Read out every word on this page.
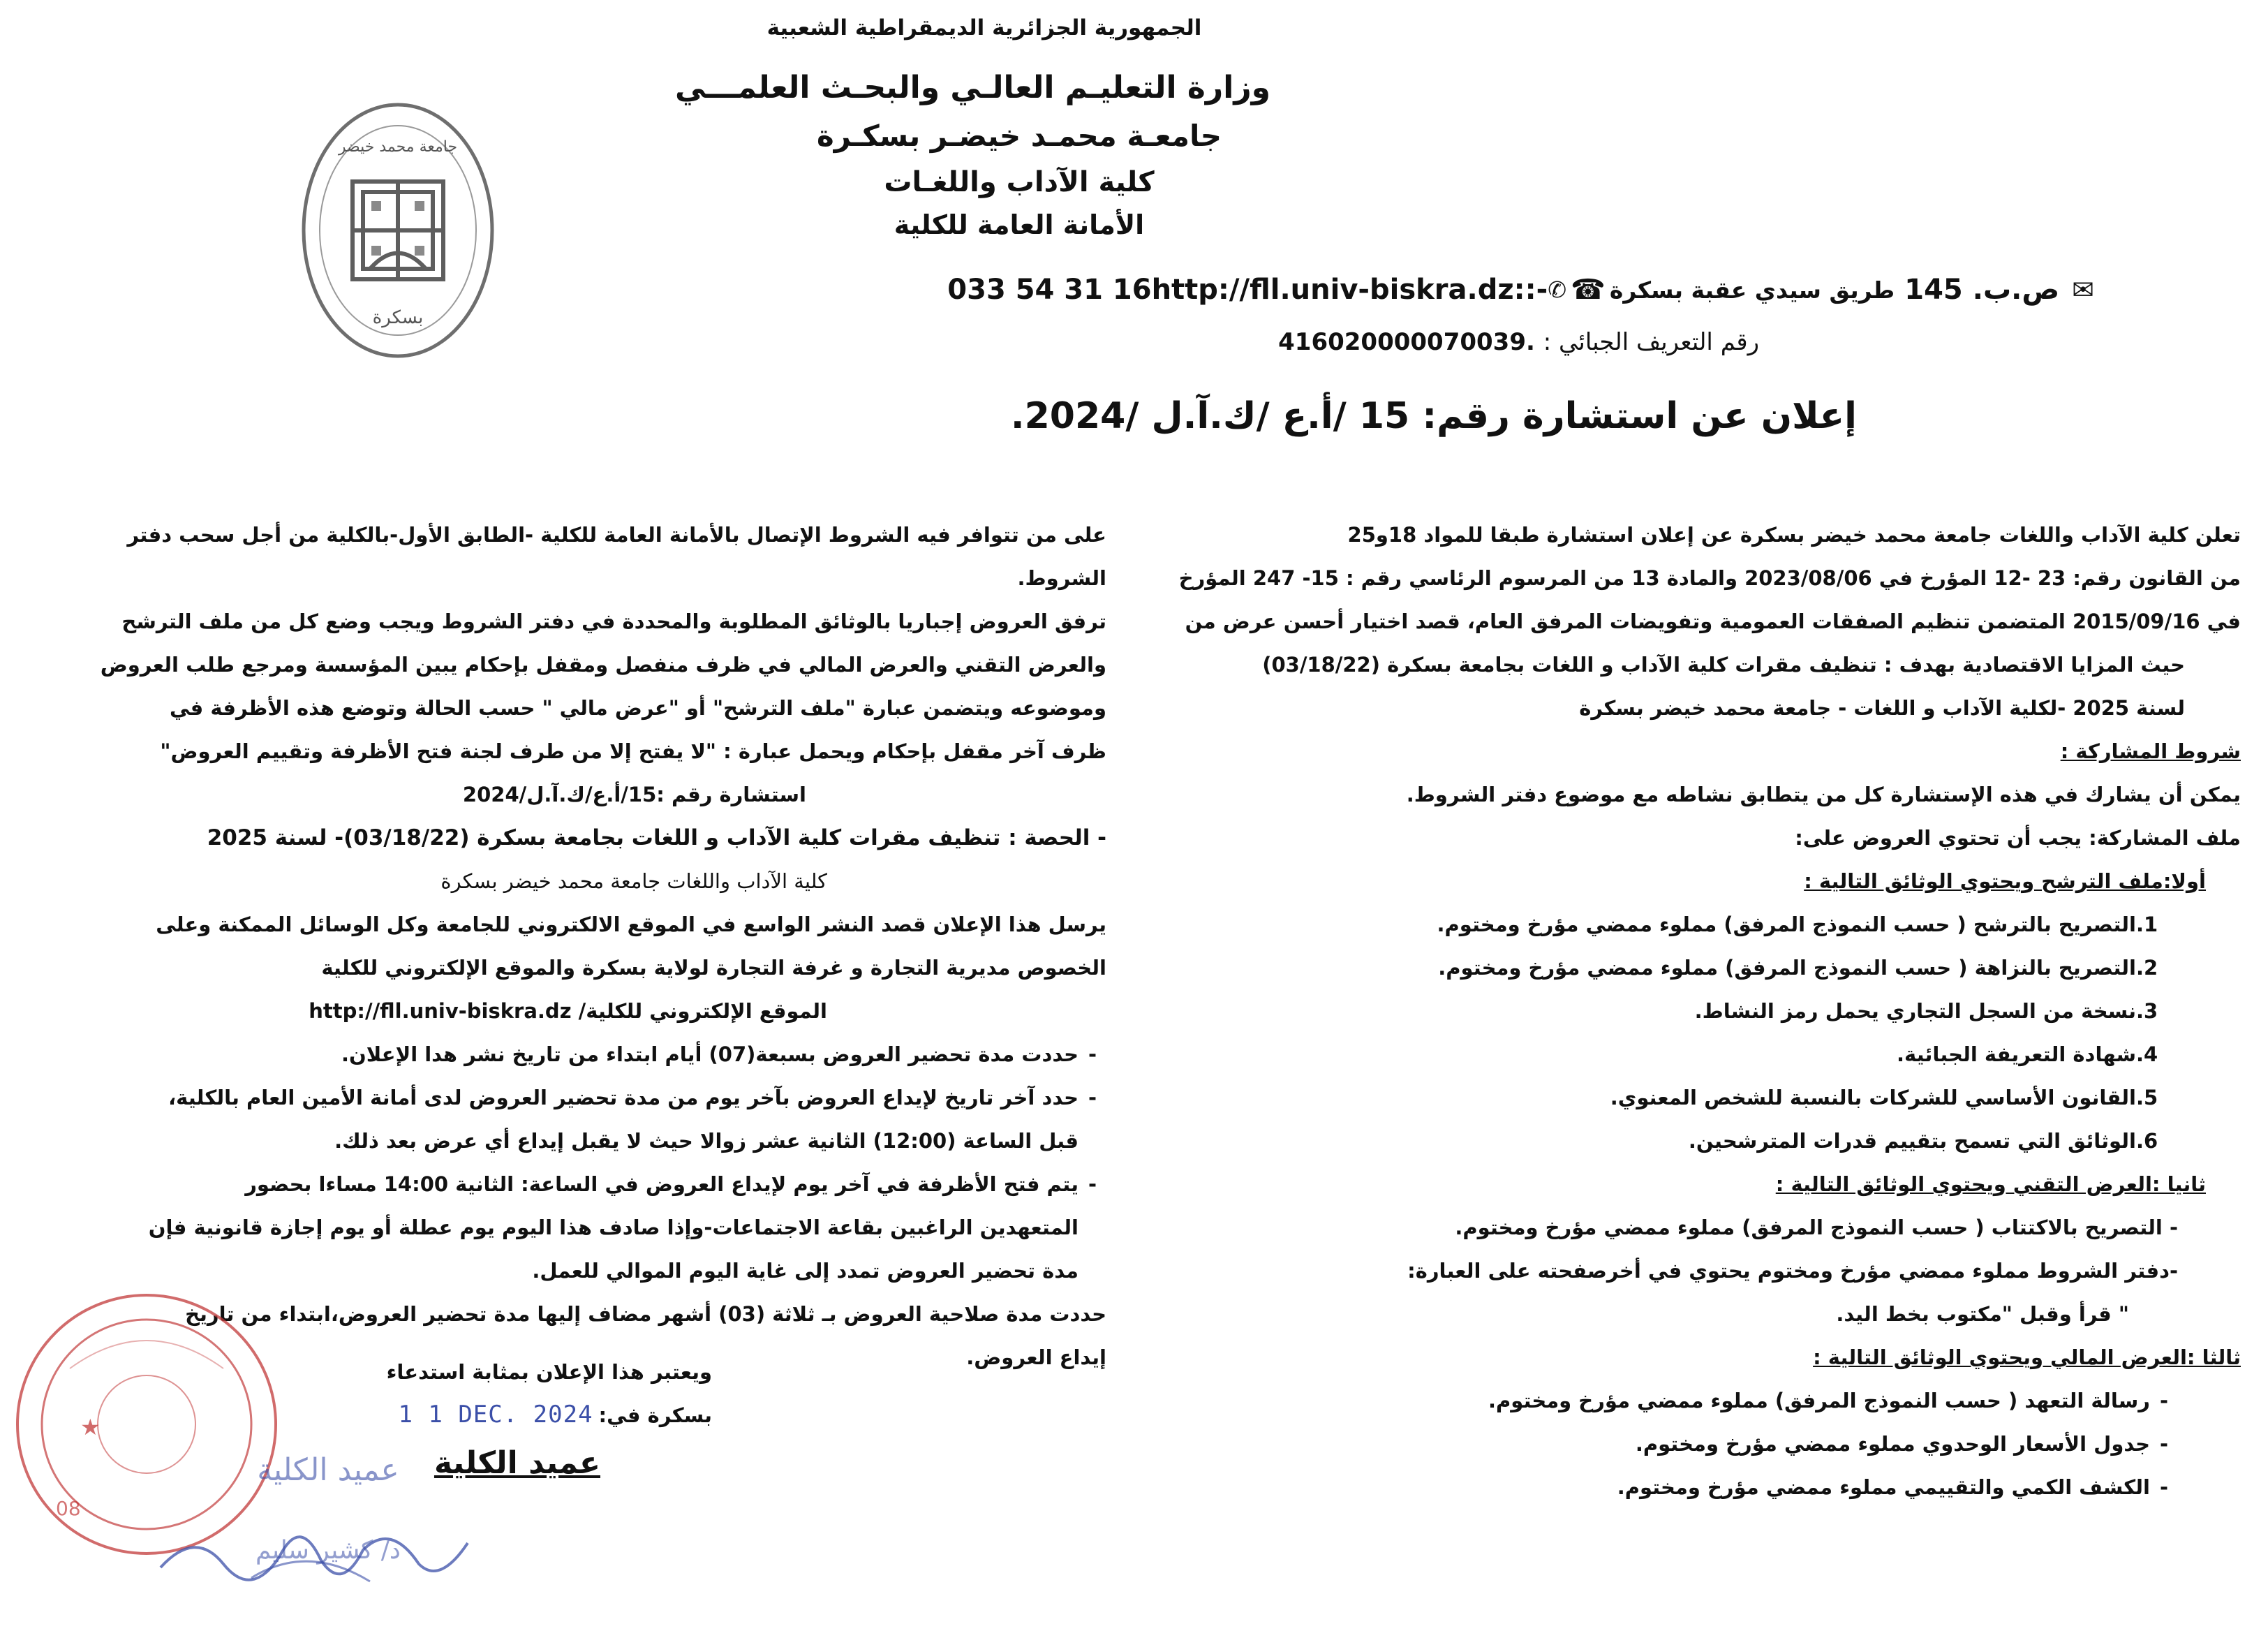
الجمهورية الجزائرية الديمقراطية الشعبية
وزارة التعليـم العالـي والبحـث العلمـــي
جامعـة محمـد خيضـر بسكـرة
كلية الآداب واللغـات
الأمانة العامة للكلية
جامعة محمد خيضر
بسكرة
✉
ص.ب.
145
طريق سيدي عقبة بسكرة
☎
✆
033 54 31 16http://fll.univ-biskra.dz::-
رقم التعريف الجبائي : 416020000070039.
إعلان عن استشارة رقم: 15 /أ.ع /ك.آ.ل /2024.
تعلن كلية الآداب واللغات جامعة محمد خيضر بسكرة عن إعلان استشارة طبقا للمواد 18و25
من القانون رقم: 23 -12 المؤرخ في 2023/08/06 والمادة 13 من المرسوم الرئاسي رقم : 15- 247 المؤرخ
في 2015/09/16 المتضمن تنظيم الصفقات العمومية وتفويضات المرفق العام، قصد اختيار أحسن عرض من
حيث المزايا الاقتصادية بهدف : تنظيف مقرات كلية الآداب و اللغات بجامعة بسكرة (03/18/22)
لسنة 2025 -لكلية الآداب و اللغات - جامعة محمد خيضر بسكرة
شروط المشاركة :
يمكن أن يشارك في هذه الإستشارة كل من يتطابق نشاطه مع موضوع دفتر الشروط.
ملف المشاركة: يجب أن تحتوي العروض على:
أولا:ملف الترشح ويحتوي الوثائق التالية :
1.
التصريح بالترشح ( حسب النموذج المرفق) مملوء ممضي مؤرخ ومختوم.
2.
التصريح بالنزاهة ( حسب النموذج المرفق) مملوء ممضي مؤرخ ومختوم.
3.
نسخة من السجل التجاري يحمل رمز النشاط.
4.
شهادة التعريفة الجبائية.
5.
القانون الأساسي للشركات بالنسبة للشخص المعنوي.
6.
الوثائق التي تسمح بتقييم قدرات المترشحين.
ثانيا :العرض التقني ويحتوي الوثائق التالية :
- التصريح بالاكتتاب ( حسب النموذج المرفق) مملوء ممضي مؤرخ ومختوم.
-دفتر الشروط مملوء ممضي مؤرخ ومختوم يحتوي في أخرصفحته على العبارة:
" قرأ وقبل "مكتوب بخط اليد.
ثالثا :العرض المالي ويحتوي الوثائق التالية :
-
رسالة التعهد ( حسب النموذج المرفق) مملوء ممضي مؤرخ ومختوم.
-
جدول الأسعار الوحدوي مملوء ممضي مؤرخ ومختوم.
-
الكشف الكمي والتقييمي مملوء ممضي مؤرخ ومختوم.
على من تتوافر فيه الشروط الإتصال بالأمانة العامة للكلية -الطابق الأول-بالكلية من أجل سحب دفتر
الشروط.
ترفق العروض إجباريا بالوثائق المطلوبة والمحددة في دفتر الشروط ويجب وضع كل من ملف الترشح
والعرض التقني والعرض المالي في ظرف منفصل ومقفل بإحكام يبين المؤسسة ومرجع طلب العروض
وموضوعه ويتضمن عبارة "ملف الترشح" أو "عرض مالي " حسب الحالة وتوضع هذه الأظرفة في
ظرف آخر مقفل بإحكام ويحمل عبارة : "لا يفتح إلا من طرف لجنة فتح الأظرفة وتقييم العروض"
استشارة رقم :15/أ.ع/ك.آ.ل/2024
- الحصة : تنظيف مقرات كلية الآداب و اللغات بجامعة بسكرة (03/18/22)- لسنة 2025
كلية الآداب واللغات جامعة محمد خيضر بسكرة
يرسل هذا الإعلان قصد النشر الواسع في الموقع الالكتروني للجامعة وكل الوسائل الممكنة وعلى
الخصوص مديرية التجارة و غرفة التجارة لولاية بسكرة والموقع الإلكتروني للكلية
الموقع الإلكتروني للكلية/ http://fll.univ-biskra.dz
-
حددت مدة تحضير العروض بسبعة(07) أيام ابتداء من تاريخ نشر هدا الإعلان.
-
حدد آخر تاريخ لإيداع العروض بآخر يوم من مدة تحضير العروض لدى أمانة الأمين العام بالكلية،
قبل الساعة (12:00) الثانية عشر زوالا حيث لا يقبل إيداع أي عرض بعد ذلك.
-
يتم فتح الأظرفة في آخر يوم لإيداع العروض في الساعة: الثانية 14:00 مساءا بحضور
المتعهدين الراغبين بقاعة الاجتماعات-وإذا صادف هذا اليوم يوم عطلة أو يوم إجازة قانونية فإن
مدة تحضير العروض تمدد إلى غاية اليوم الموالي للعمل.
حددت مدة صلاحية العروض بـ ثلاثة (03) أشهر مضاف إليها مدة تحضير العروض،ابتداء من تاريخ
إيداع العروض.
ويعتبر هذا الإعلان بمثابة استدعاء
بسكرة في:
1 1 DEC. 2024
عميد الكلية
★
08
عميد الكلية
د/ كشير سليم
